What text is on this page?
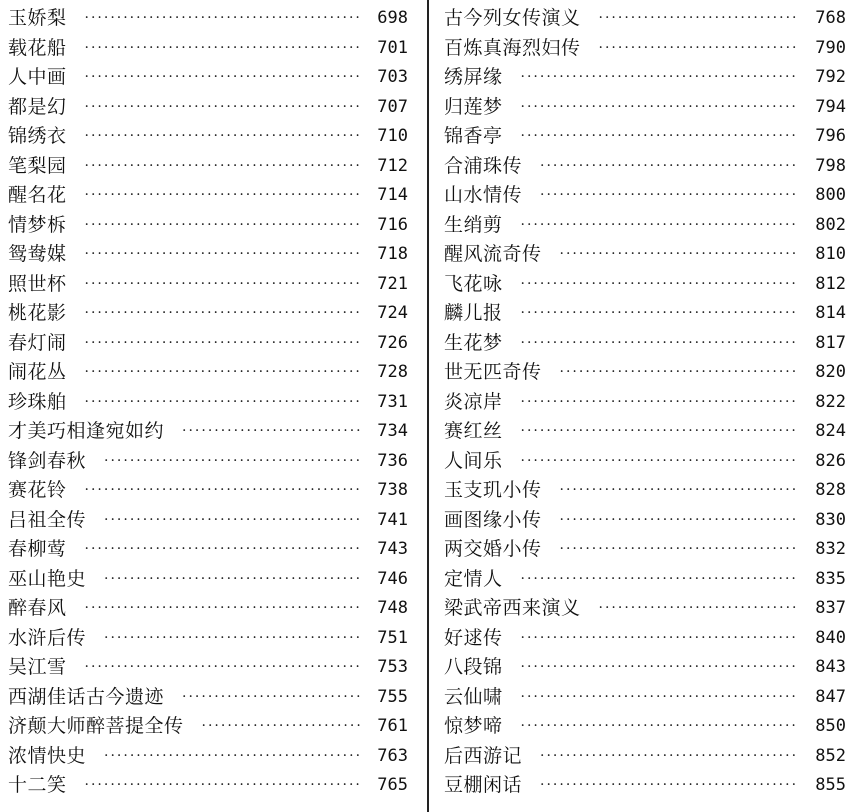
玉娇梨 ·····	698
载花船 ·····	701
人中画 ·····	703
都是幻 ·····	707
锦绣衣 ·····	710
笔梨园 ·····	712
醒名花 ·····	714
情梦柝 ·····	716
鸳鸯媒 ·····	718
照世杯 ·····	721
桃花影 ·····	724
春灯闹 ·····	726
闹花丛 ·····	728
珍珠舶 ·····	731
才美巧相逢宛如约 ·····	734
锋剑春秋 ·····	736
赛花铃 ·····	738
吕祖全传 ·····	741
春柳莺 ·····	743
巫山艳史 ·····	746
醉春风 ·····	748
水浒后传 ·····	751
吴江雪 ·····	753
西湖佳话古今遗迹 ·····	755
济颠大师醉菩提全传 ·····	761
浓情快史 ·····	763
十二笑 ·····	765
古今列女传演义 ·····	768
百炼真海烈妇传 ·····	790
绣屏缘 ·····	792
归莲梦 ·····	794
锦香亭 ·····	796
合浦珠传 ·····	798
山水情传 ·····	800
生绡剪 ·····	802
醒风流奇传 ·····	810
飞花咏 ·····	812
麟儿报 ·····	814
生花梦 ·····	817
世无匹奇传 ·····	820
炎凉岸 ·····	822
赛红丝 ·····	824
人间乐 ·····	826
玉支玑小传 ·····	828
画图缘小传 ·····	830
两交婚小传 ·····	832
定情人 ·····	835
梁武帝西来演义 ·····	837
好逑传 ·····	840
八段锦 ·····	843
云仙啸 ·····	847
惊梦啼 ·····	850
后西游记 ·····	852
豆棚闲话 ·····	855
